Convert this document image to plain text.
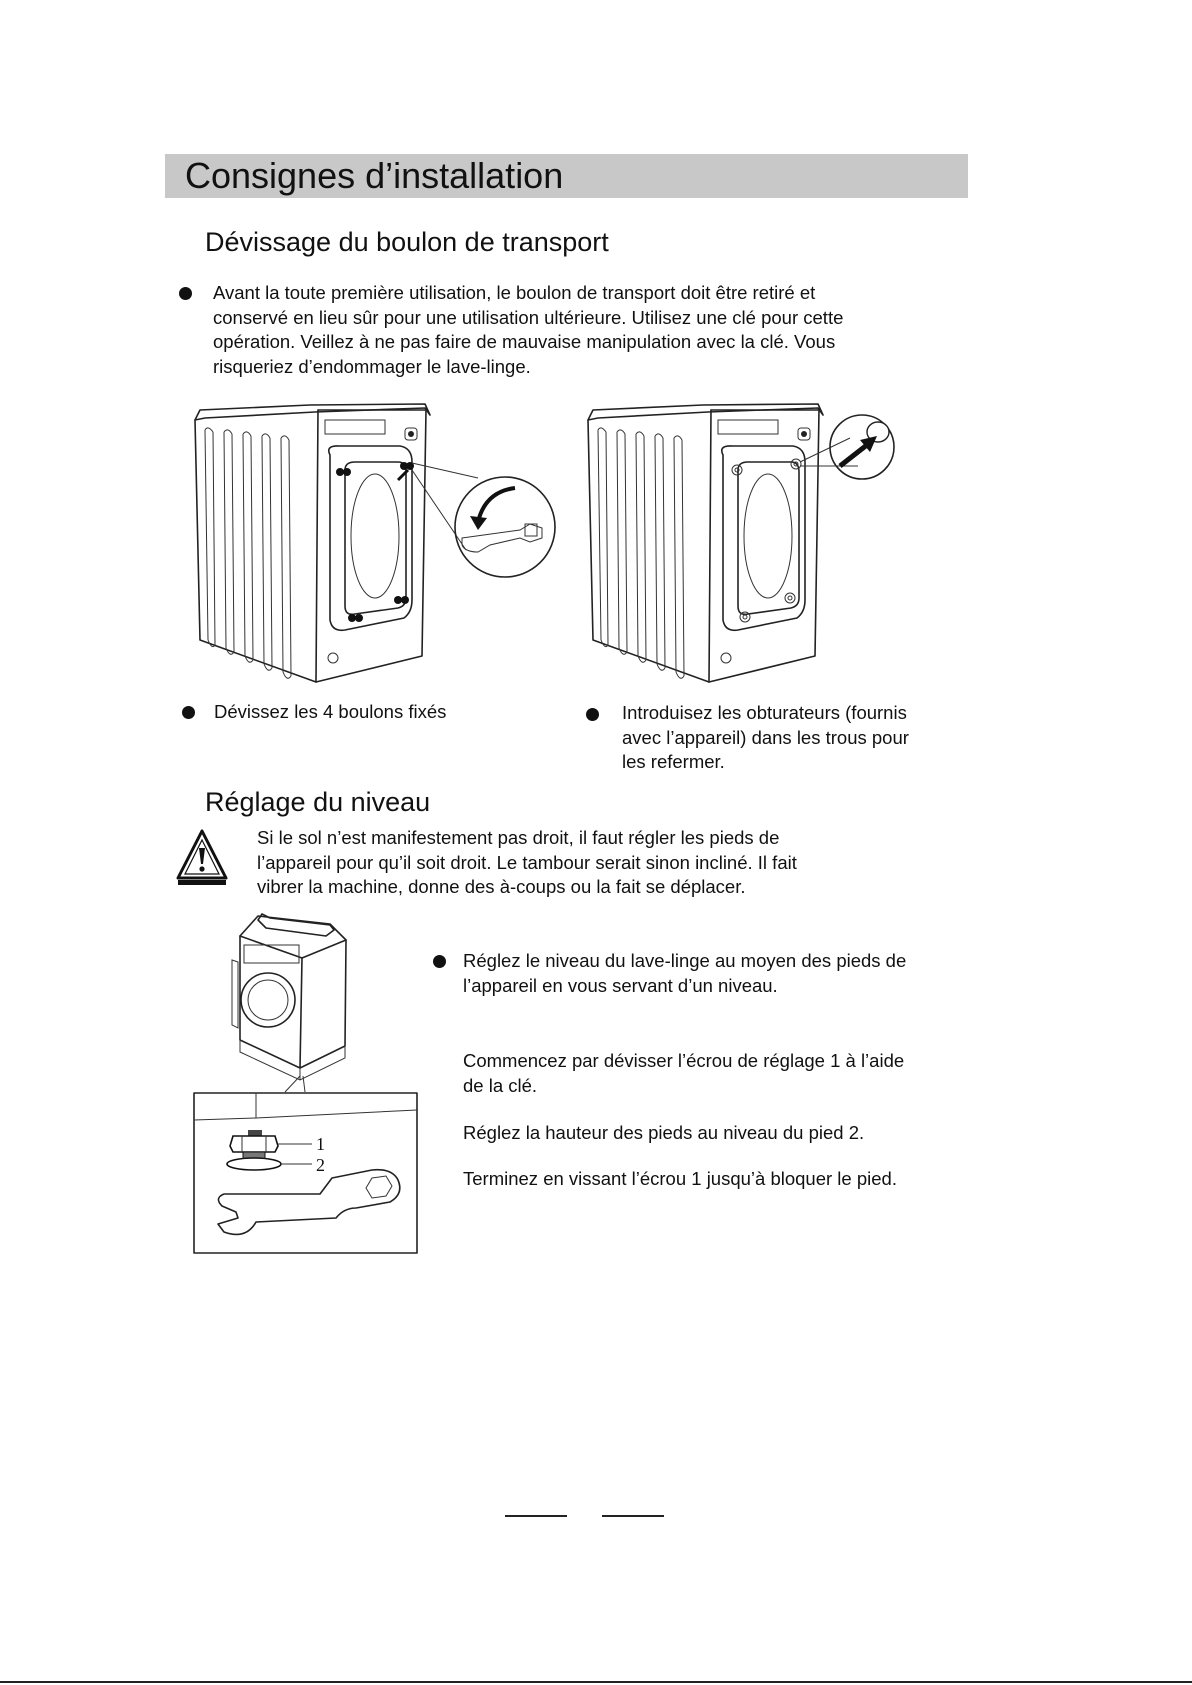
Consignes d’installation
Dévissage du boulon de transport
Avant la toute première utilisation, le boulon de transport doit être retiré et
conservé en lieu sûr pour une utilisation ultérieure. Utilisez une clé pour cette
opération. Veillez à ne pas faire de mauvaise manipulation avec la clé. Vous
risqueriez d’endommager le lave-linge.
Dévissez les 4 boulons fixés	Introduisez les obturateurs (fournis
avec l’appareil) dans les trous pour
les refermer.
Réglage du niveau
Si le sol n’est manifestement pas droit, il faut régler les pieds de
l’appareil pour qu’il soit droit. Le tambour serait sinon incliné. Il fait
vibrer la machine, donne des à-coups ou la fait se déplacer.
1
2
Réglez le niveau du lave-linge au moyen des pieds de
l’appareil en vous servant d’un niveau.
Commencez par dévisser l’écrou de réglage 1 à l’aide
de la clé.
Réglez la hauteur des pieds au niveau du pied 2.
Terminez en vissant l’écrou 1 jusqu’à bloquer le pied.
